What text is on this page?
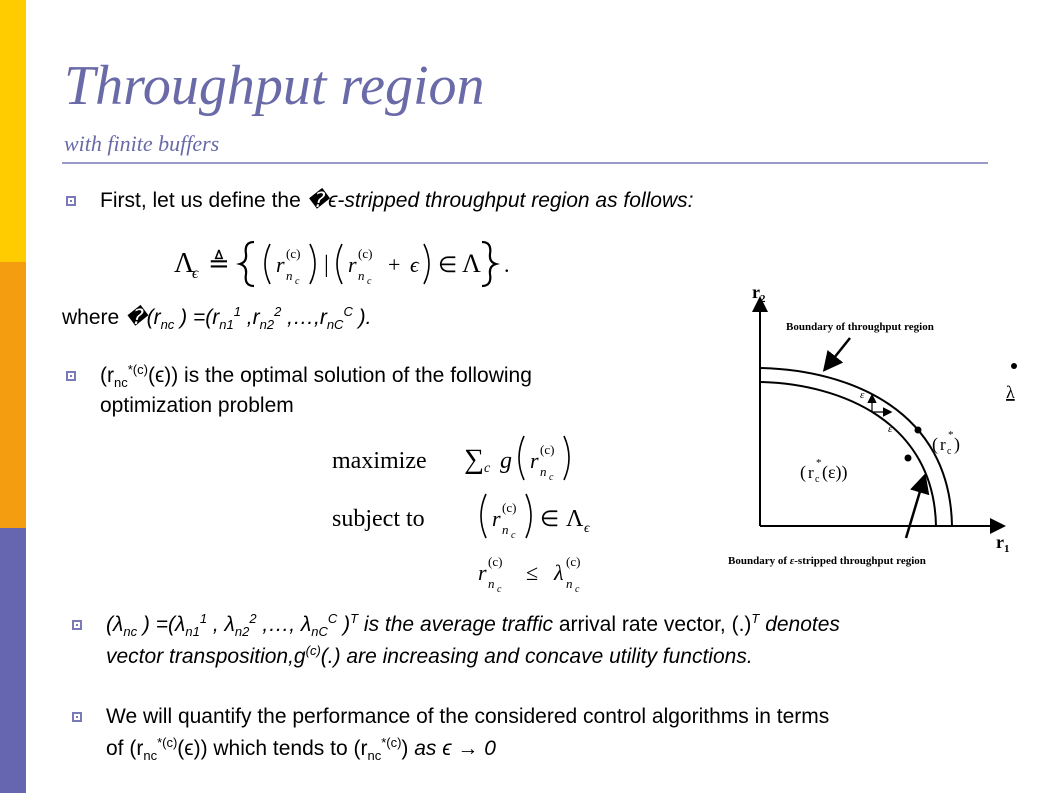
Throughput region
with finite buffers
First, let us define the �ϵ-stripped throughput region as follows:
Λ
ϵ ≜ r (c)
n c
| r (c)
n c
+ ϵ ∈ Λ .
where $�(r_{nc}$ ) $=(r_{n1}^1$ $,r_{n2}^2$ $,\dots,r_{nC}^C$ ).
$(r_{nc}^{*(c)}(\epsilon))$ is the optimal solution of the following
optimization problem
maximize ∑ c g r (c)
n c
subject to	r (c)
n c
∈ Λ ϵ
r (c)
n c
≤ λ (c)
n c
r 2
r 1
Boundary of throughput region
ε
ε
( r c
* )
( r c
* (ε))
λ
Boundary of ε-stripped throughput region
($\lambda_{nc}$ ) $=(\lambda_{n1}^1$ , $\lambda_{n2}^2$ ,…, $\lambda_{nC}^C$ )$^T$ is the average traffic arrival rate vector, (.)$^T$ denotes
vector $transposition,g^{(c)}(.)$ are increasing and concave utility functions.
We will quantify the performance of the considered control algorithms in terms
of $(r_{nc}^{*(c)}(\epsilon))$ which tends to $(r_{nc}^{*(c)})$ as ϵ → 0
